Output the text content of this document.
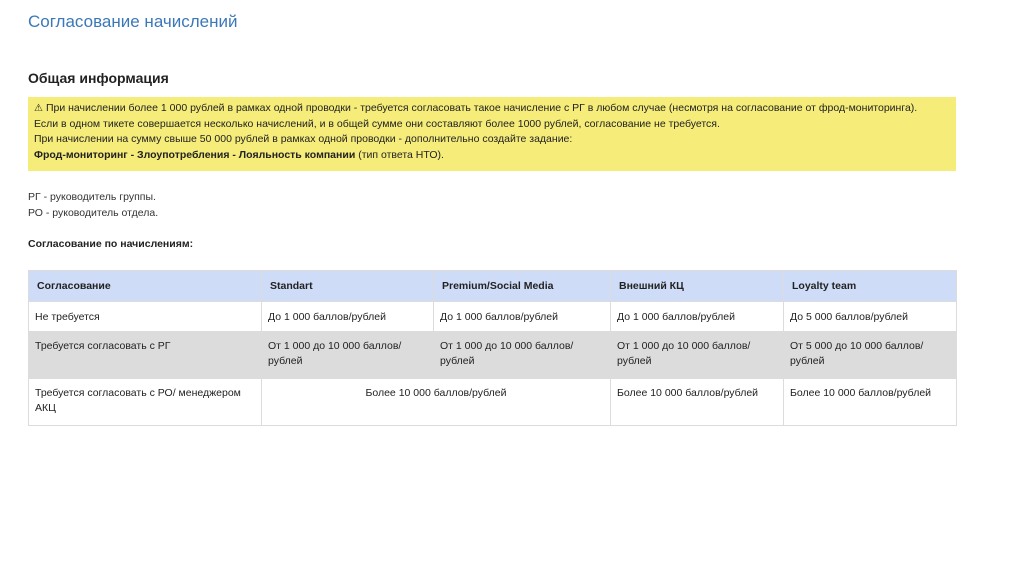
Согласование начислений
Общая информация
⚠ При начислении более 1 000 рублей в рамках одной проводки - требуется согласовать такое начисление с РГ в любом случае (несмотря на согласование от фрод-мониторинга).
Если в одном тикете совершается несколько начислений, и в общей сумме они составляют более 1000 рублей, согласование не требуется.
При начислении на сумму свыше 50 000 рублей в рамках одной проводки - дополнительно создайте задание:
Фрод-мониторинг - Злоупотребления - Лояльность компании (тип ответа НТО).
РГ - руководитель группы.
РО - руководитель отдела.
Согласование по начислениям:
Согласование	Standart	Premium/Social Media	Внешний КЦ	Loyalty team
Не требуется	До 1 000 баллов/рублей	До 1 000 баллов/рублей	До 1 000 баллов/рублей	До 5 000 баллов/рублей
Требуется согласовать с РГ	От 1 000 до 10 000 баллов/ рублей	От 1 000 до 10 000 баллов/ рублей	От 1 000 до 10 000 баллов/ рублей	От 5 000 до 10 000 баллов/ рублей
Требуется согласовать с РО/ менеджером АКЦ	Более 10 000 баллов/рублей		Более 10 000 баллов/рублей	Более 10 000 баллов/рублей
